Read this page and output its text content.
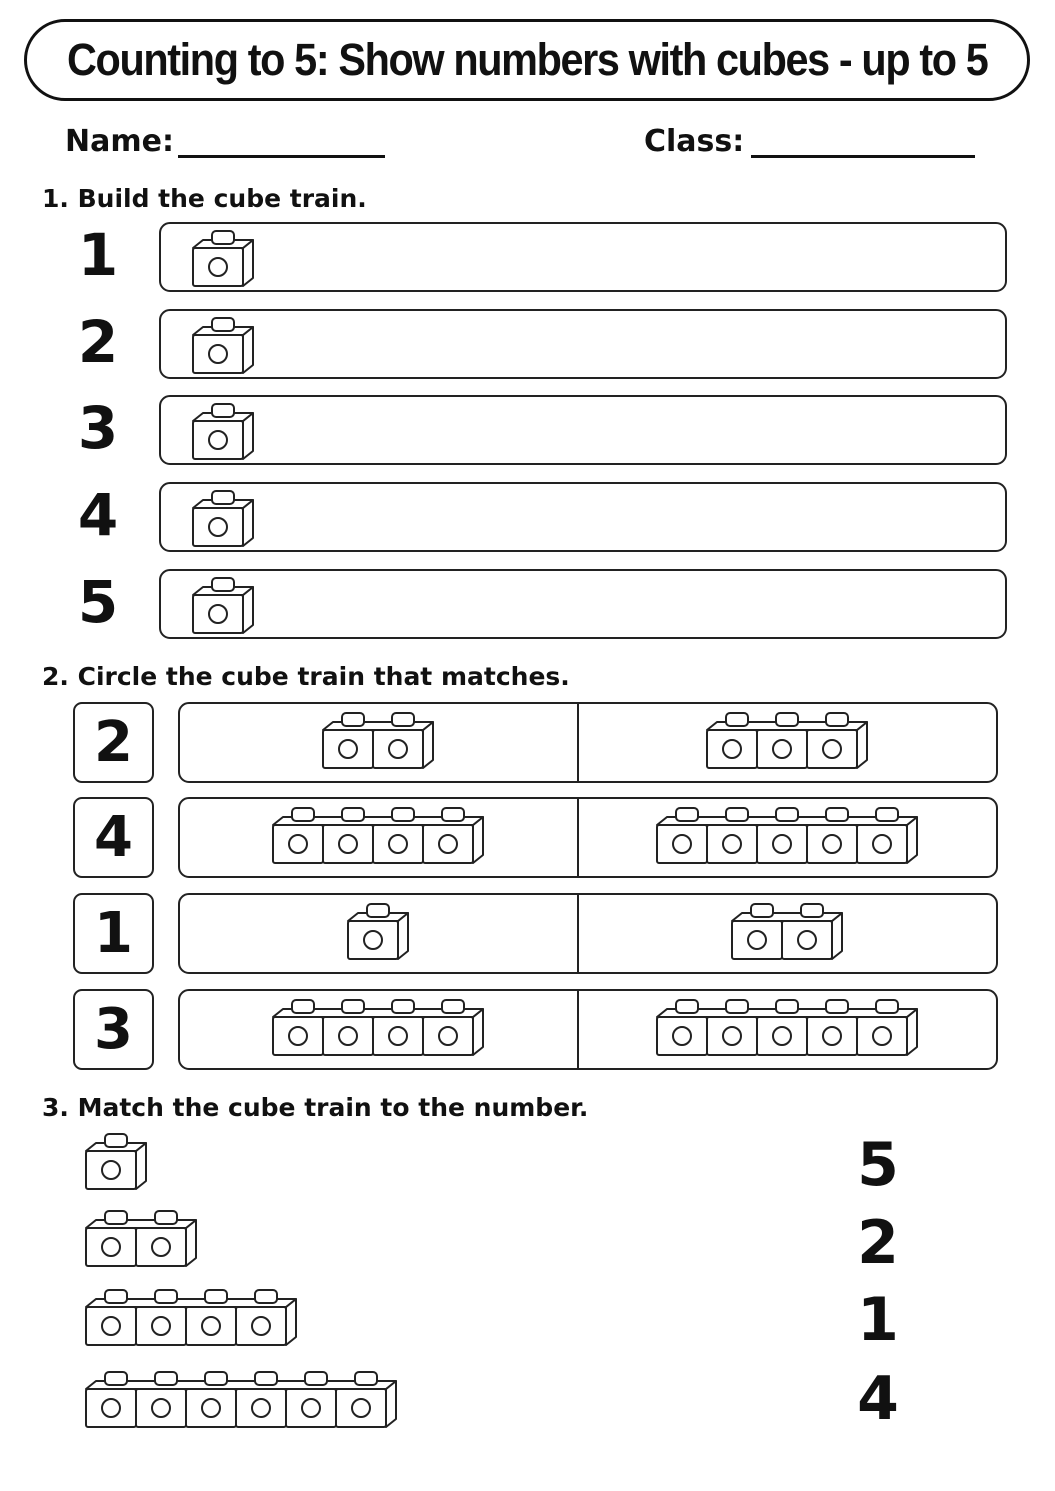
Counting to 5: Show numbers with cubes - up to 5
Name:	Class:
1. Build the cube train.
1
2
3
4
5
2. Circle the cube train that matches.
2
4
1
3
3. Match the cube train to the number.
5
2
1
4
